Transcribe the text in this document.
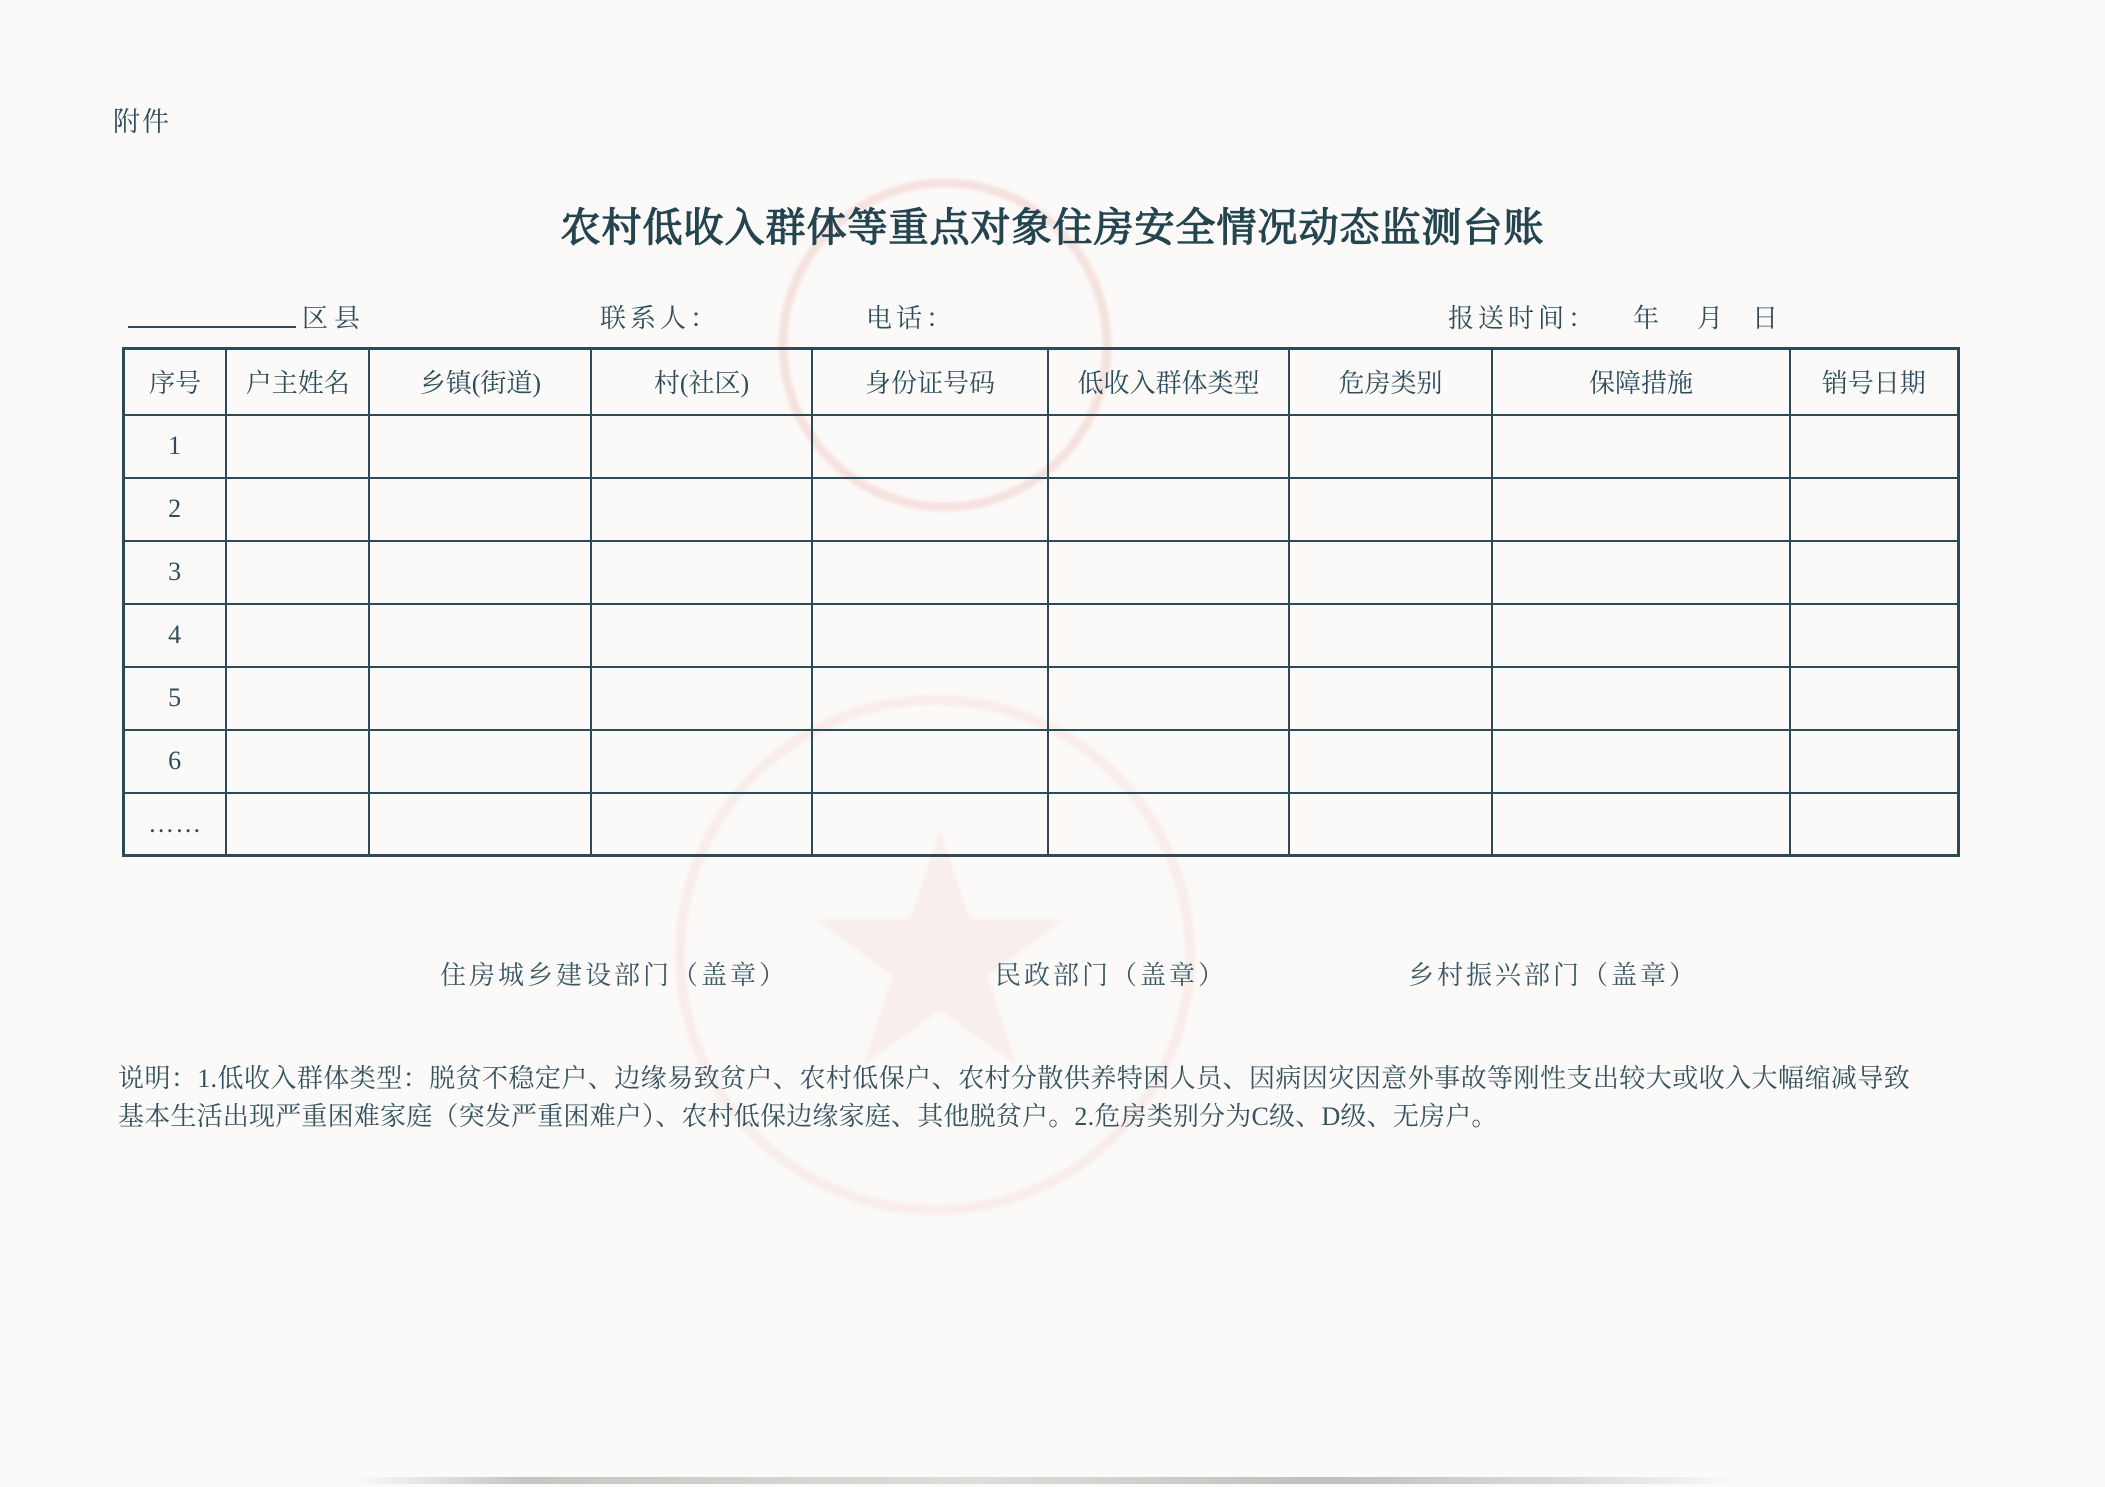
附件
农村低收入群体等重点对象住房安全情况动态监测台账
区县	联系人：	电话：	报送时间： 年 月 日
序号	户主姓名	乡镇(街道)	村(社区)	身份证号码	低收入群体类型	危房类别	保障措施	销号日期
1								
2								
3								
4								
5								
6								
……								
住房城乡建设部门（盖章）	民政部门（盖章）	乡村振兴部门（盖章）
说明：1.低收入群体类型：脱贫不稳定户、边缘易致贫户、农村低保户、农村分散供养特困人员、因病因灾因意外事故等刚性支出较大或收入大幅缩减导致基本生活出现严重困难家庭（突发严重困难户）、农村低保边缘家庭、其他脱贫户。2.危房类别分为C级、D级、无房户。
